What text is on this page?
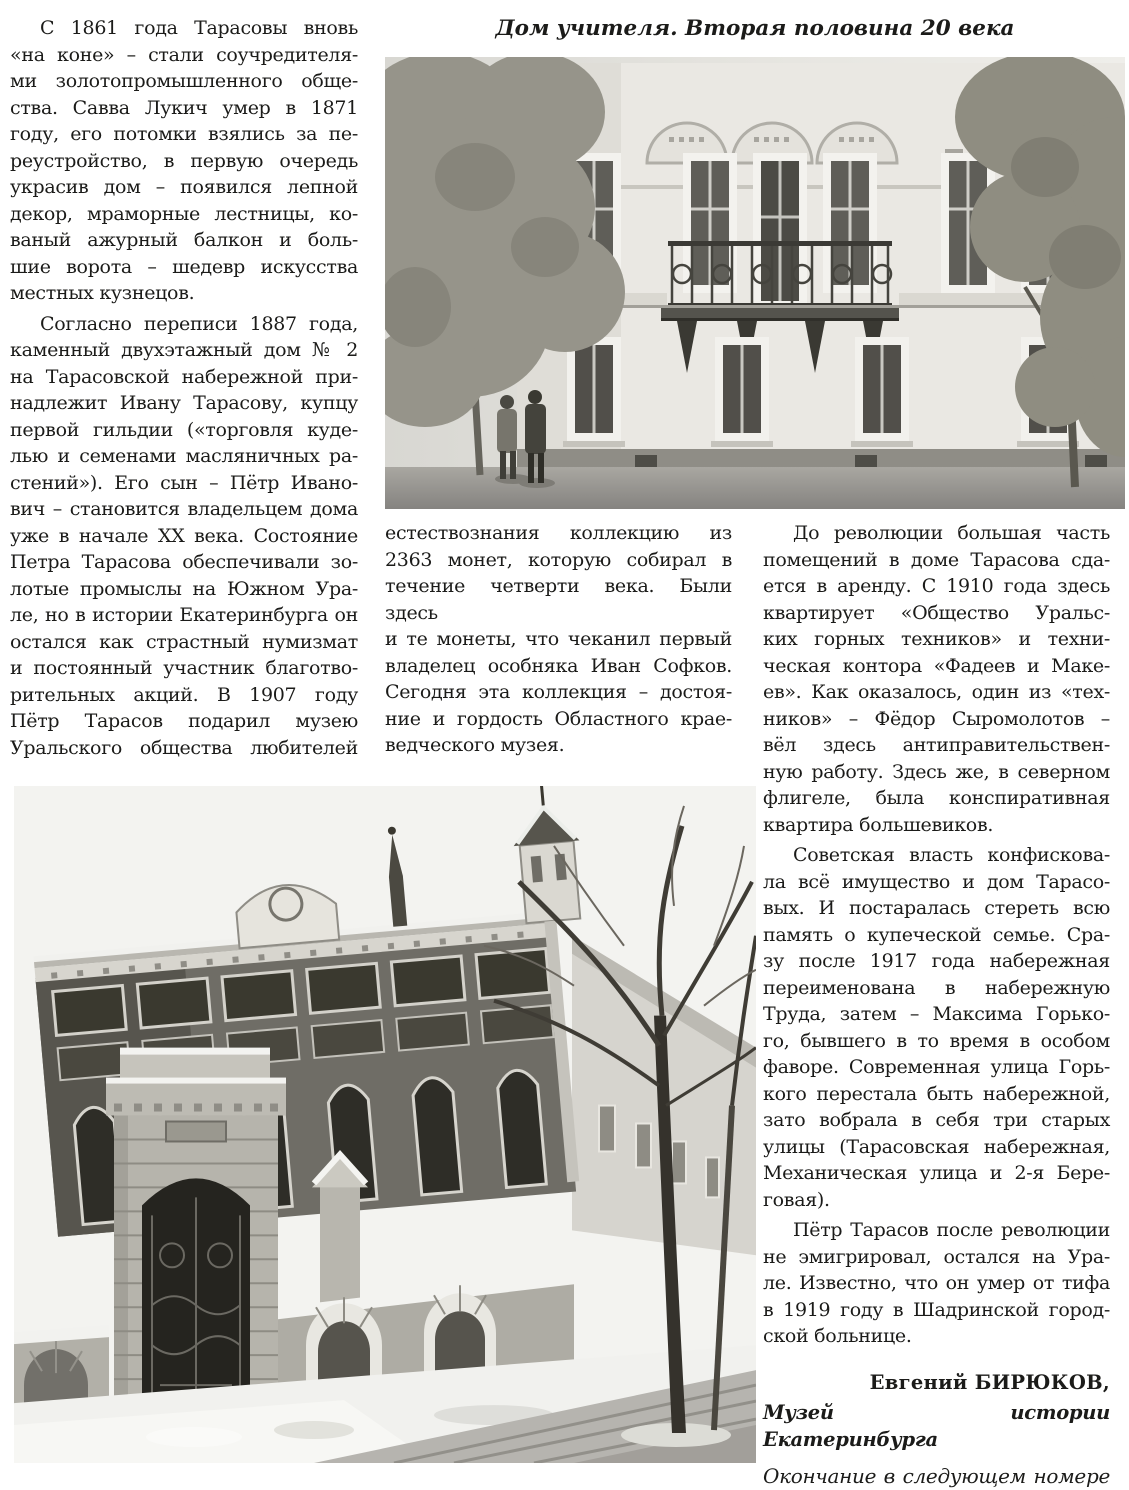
С 1861 года Тарасовы вновь
«на коне» – стали соучредителя-
ми золотопромышленного обще-
ства. Савва Лукич умер в 1871
году, его потомки взялись за пе-
реустройство, в первую очередь
украсив дом – появился лепной
декор, мраморные лестницы, ко-
ваный ажурный балкон и боль-
шие ворота – шедевр искусства
местных кузнецов.
Согласно переписи 1887 года,
каменный двухэтажный дом № 2
на Тарасовской набережной при-
надлежит Ивану Тарасову, купцу
первой гильдии («торговля куде-
лью и семенами масляничных ра-
стений»). Его сын – Пётр Ивано-
вич – становится владельцем дома
уже в начале XX века. Состояние
Петра Тарасова обеспечивали зо-
лотые промыслы на Южном Ура-
ле, но в истории Екатеринбурга он
остался как страстный нумизмат
и постоянный участник благотво-
рительных акций. В 1907 году
Пётр Тарасов подарил музею
Уральского общества любителей
Дом учителя. Вторая половина 20 века
естествознания коллекцию из
2363 монет, которую собирал в
течение четверти века. Были здесь
и те монеты, что чеканил первый
владелец особняка Иван Софков.
Сегодня эта коллекция – достоя-
ние и гордость Областного крае-
ведческого музея.
До революции большая часть
помещений в доме Тарасова сда-
ется в аренду. С 1910 года здесь
квартирует «Общество Уральс-
ких горных техников» и техни-
ческая контора «Фадеев и Маке-
ев». Как оказалось, один из «тех-
ников» – Фёдор Сыромолотов –
вёл здесь антиправительствен-
ную работу. Здесь же, в северном
флигеле, была конспиративная
квартира большевиков.
Советская власть конфискова-
ла всё имущество и дом Тарасо-
вых. И постаралась стереть всю
память о купеческой семье. Сра-
зу после 1917 года набережная
переименована в набережную
Труда, затем – Максима Горько-
го, бывшего в то время в особом
фаворе. Современная улица Горь-
кого перестала быть набережной,
зато вобрала в себя три старых
улицы (Тарасовская набережная,
Механическая улица и 2-я Бере-
говая).
Пётр Тарасов после революции
не эмигрировал, остался на Ура-
ле. Известно, что он умер от тифа
в 1919 году в Шадринской город-
ской больнице.
Евгений БИРЮКОВ,
Музей истории Екатеринбурга
Окончание в следующем номере
